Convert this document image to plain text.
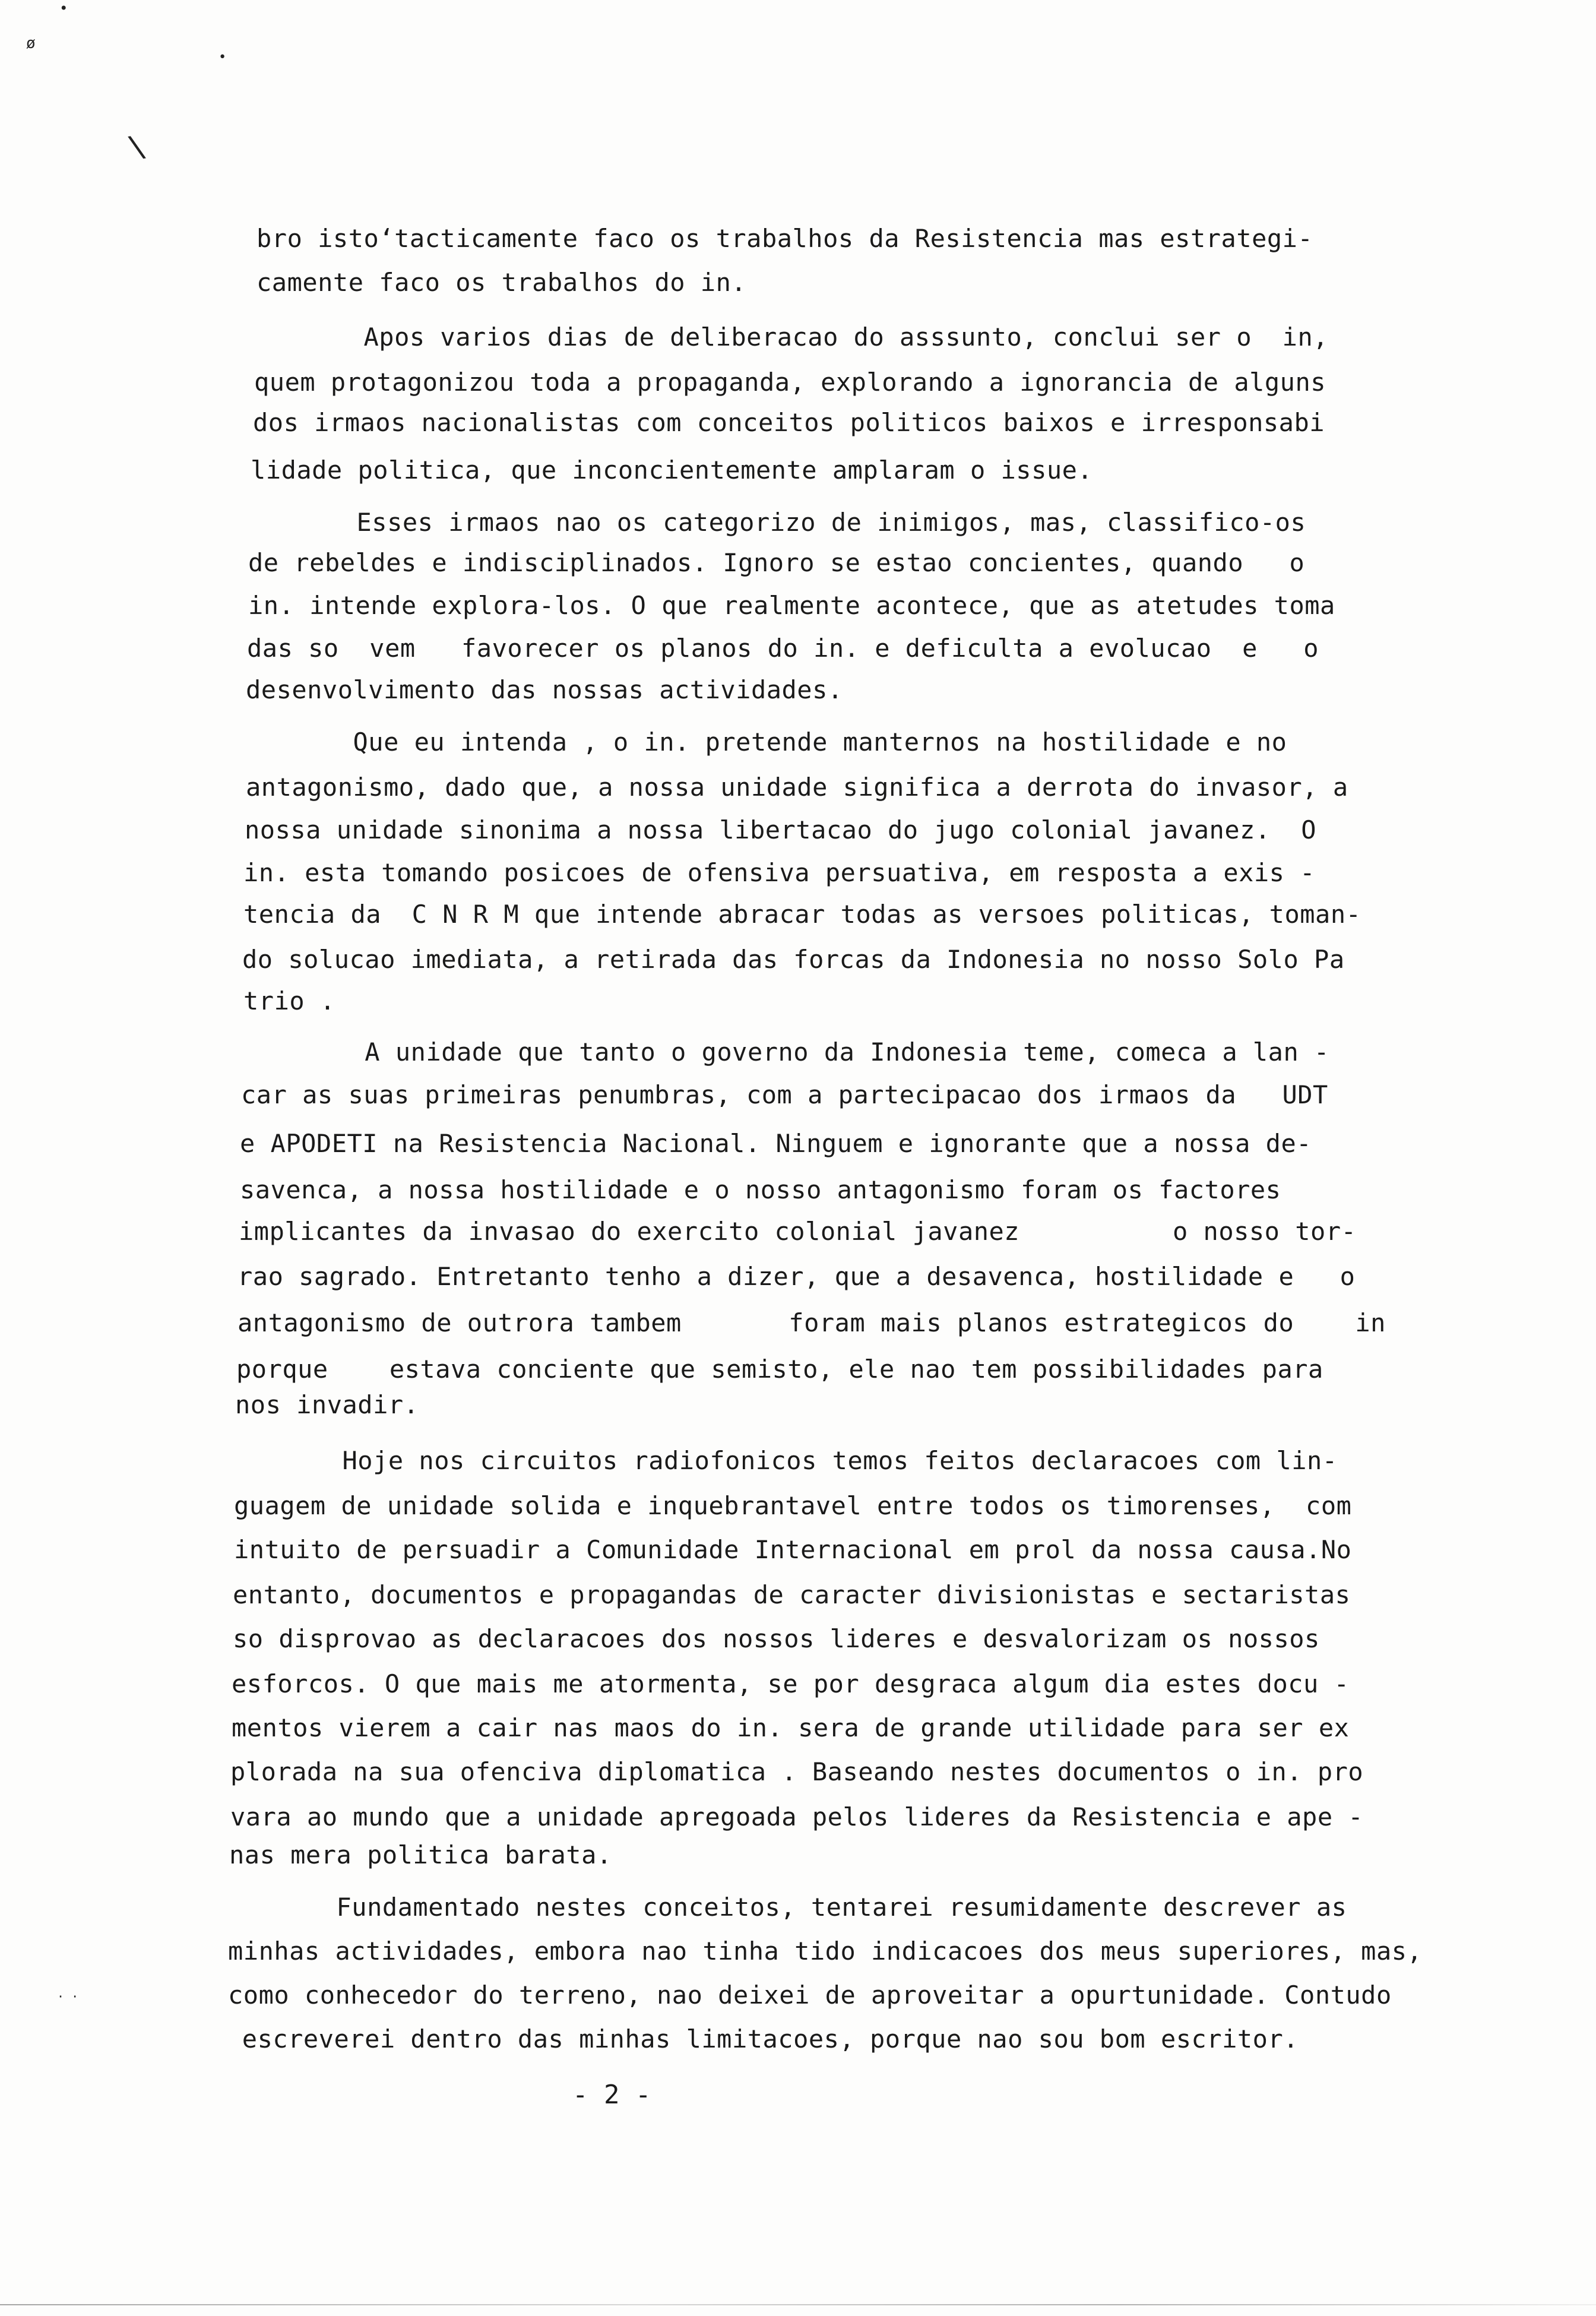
•
ø
•
\
bro isto‘tacticamente faco os trabalhos da Resistencia mas estrategi-
camente faco os trabalhos do in.
Apos varios dias de deliberacao do asssunto, conclui ser o  in,
quem protagonizou toda a propaganda, explorando a ignorancia de alguns
dos irmaos nacionalistas com conceitos politicos baixos e irresponsabi
lidade politica, que inconcientemente amplaram o issue.
Esses irmaos nao os categorizo de inimigos, mas, classifico-os
de rebeldes e indisciplinados. Ignoro se estao concientes, quando   o
in. intende explora-los. O que realmente acontece, que as atetudes toma
das so  vem   favorecer os planos do in. e deficulta a evolucao  e   o
desenvolvimento das nossas actividades.
Que eu intenda , o in. pretende manternos na hostilidade e no
antagonismo, dado que, a nossa unidade significa a derrota do invasor, a
nossa unidade sinonima a nossa libertacao do jugo colonial javanez.  O
in. esta tomando posicoes de ofensiva persuativa, em resposta a exis -
tencia da  C N R M que intende abracar todas as versoes politicas, toman-
do solucao imediata, a retirada das forcas da Indonesia no nosso Solo Pa
trio .
A unidade que tanto o governo da Indonesia teme, comeca a lan -
car as suas primeiras penumbras, com a partecipacao dos irmaos da   UDT
e APODETI na Resistencia Nacional. Ninguem e ignorante que a nossa de-
savenca, a nossa hostilidade e o nosso antagonismo foram os factores
implicantes da invasao do exercito colonial javanez          o nosso tor-
rao sagrado. Entretanto tenho a dizer, que a desavenca, hostilidade e   o
antagonismo de outrora tambem       foram mais planos estrategicos do    in
porque    estava conciente que semisto, ele nao tem possibilidades para
nos invadir.
Hoje nos circuitos radiofonicos temos feitos declaracoes com lin-
guagem de unidade solida e inquebrantavel entre todos os timorenses,  com
intuito de persuadir a Comunidade Internacional em prol da nossa causa.No
entanto, documentos e propagandas de caracter divisionistas e sectaristas
so disprovao as declaracoes dos nossos lideres e desvalorizam os nossos
esforcos. O que mais me atormenta, se por desgraca algum dia estes docu -
mentos vierem a cair nas maos do in. sera de grande utilidade para ser ex
plorada na sua ofenciva diplomatica . Baseando nestes documentos o in. pro
vara ao mundo que a unidade apregoada pelos lideres da Resistencia e ape -
nas mera politica barata.
Fundamentado nestes conceitos, tentarei resumidamente descrever as
minhas actividades, embora nao tinha tido indicacoes dos meus superiores, mas,
como conhecedor do terreno, nao deixei de aproveitar a opurtunidade. Contudo
escreverei dentro das minhas limitacoes, porque nao sou bom escritor.
- 2 -
· ·
